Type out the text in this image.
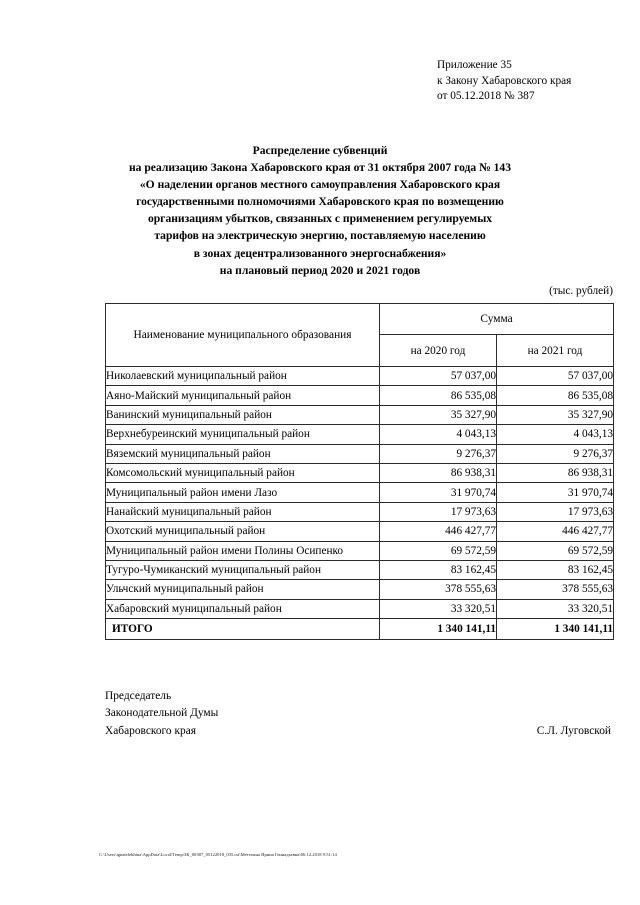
Приложение 35
к Закону Хабаровского края
от 05.12.2018 № 387
Распределение субвенций
на реализацию Закона Хабаровского края от 31 октября 2007 года № 143
«О наделении органов местного самоуправления Хабаровского края
государственными полномочиями Хабаровского края по возмещению
организациям убытков, связанных с применением регулируемых
тарифов на электрическую энергию, поставляемую населению
в зонах децентрализованного энергоснабжения»
на плановый период 2020 и 2021 годов
(тыс. рублей)
Наименование муниципального образования	Сумма	
	на 2020 год	на 2021 год
Николаевский муниципальный район	57 037,00	57 037,00
Аяно-Майский муниципальный район	86 535,08	86 535,08
Ванинский муниципальный район	35 327,90	35 327,90
Верхнебуреинский муниципальный район	4 043,13	4 043,13
Вяземский муниципальный район	9 276,37	9 276,37
Комсомольский муниципальный район	86 938,31	86 938,31
Муниципальный район имени Лазо	31 970,74	31 970,74
Нанайский муниципальный район	17 973,63	17 973,63
Охотский муниципальный район	446 427,77	446 427,77
Муниципальный район имени Полины Осипенко	69 572,59	69 572,59
Тугуро-Чумиканский муниципальный район	83 162,45	83 162,45
Ульчский муниципальный район	378 555,63	378 555,63
Хабаровский муниципальный район	33 320,51	33 320,51
ИТОГО	1 340 141,11	1 340 141,11
Председатель
Законодательной Думы
Хабаровского края	С.Л. Луговской
C:\Users\ignatelekhina\AppData\Local\Temp\ЗК_00387_05122018_035.txt\Метехина Ирина Геннадьевна\06.12.2018 9:51:14
